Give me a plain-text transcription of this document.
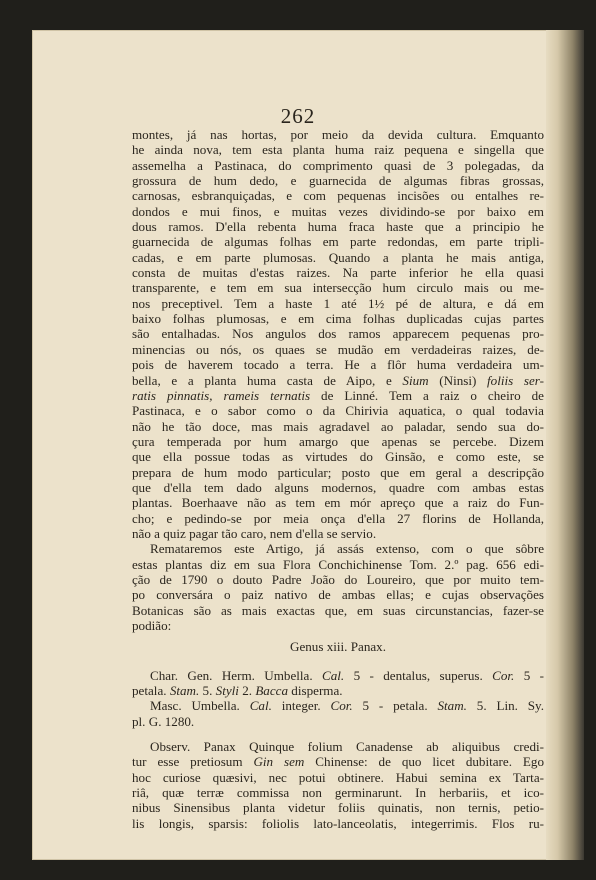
262
montes, já nas hortas, por meio da devida cultura. Emquanto
he ainda nova, tem esta planta huma raiz pequena e singella que
assemelha a Pastinaca, do comprimento quasi de 3 polegadas, da
grossura de hum dedo, e guarnecida de algumas fibras grossas,
carnosas, esbranquiçadas, e com pequenas incisões ou entalhes re-
dondos e mui finos, e muitas vezes dividindo-se por baixo em
dous ramos. D'ella rebenta huma fraca haste que a principio he
guarnecida de algumas folhas em parte redondas, em parte tripli-
cadas, e em parte plumosas. Quando a planta he mais antiga,
consta de muitas d'estas raizes. Na parte inferior he ella quasi
transparente, e tem em sua intersecção hum circulo mais ou me-
nos preceptivel. Tem a haste 1 até 1½ pé de altura, e dá em
baixo folhas plumosas, e em cima folhas duplicadas cujas partes
são entalhadas. Nos angulos dos ramos apparecem pequenas pro-
minencias ou nós, os quaes se mudão em verdadeiras raizes, de-
pois de haverem tocado a terra. He a flôr huma verdadeira um-
bella, e a planta huma casta de Aipo, e Sium (Ninsi) foliis ser-
ratis pinnatis, rameis ternatis de Linné. Tem a raiz o cheiro de
Pastinaca, e o sabor como o da Chirivia aquatica, o qual todavia
não he tão doce, mas mais agradavel ao paladar, sendo sua do-
çura temperada por hum amargo que apenas se percebe. Dizem
que ella possue todas as virtudes do Ginsão, e como este, se
prepara de hum modo particular; posto que em geral a descripção
que d'ella tem dado alguns modernos, quadre com ambas estas
plantas. Boerhaave não as tem em mór apreço que a raiz do Fun-
cho; e pedindo-se por meia onça d'ella 27 florins de Hollanda,
não a quiz pagar tão caro, nem d'ella se servio.
Remataremos este Artigo, já assás extenso, com o que sôbre
estas plantas diz em sua Flora Conchichinense Tom. 2.º pag. 656 edi-
ção de 1790 o douto Padre João do Loureiro, que por muito tem-
po conversára o paiz nativo de ambas ellas; e cujas observações
Botanicas são as mais exactas que, em suas circunstancias, fazer-se
podião:
Genus xiii. Panax.
Char. Gen. Herm. Umbella. Cal. 5 - dentalus, superus. Cor. 5 -
petala. Stam. 5. Styli 2. Bacca disperma.
Masc. Umbella. Cal. integer. Cor. 5 - petala. Stam. 5. Lin. Sy.
pl. G. 1280.
Observ. Panax Quinque folium Canadense ab aliquibus credi-
tur esse pretiosum Gin sem Chinense: de quo licet dubitare. Ego
hoc curiose quæsivi, nec potui obtinere. Habui semina ex Tarta-
riâ, quæ terræ commissa non germinarunt. In herbariis, et ico-
nibus Sinensibus planta videtur foliis quinatis, non ternis, petio-
lis longis, sparsis: foliolis lato-lanceolatis, integerrimis. Flos ru-
